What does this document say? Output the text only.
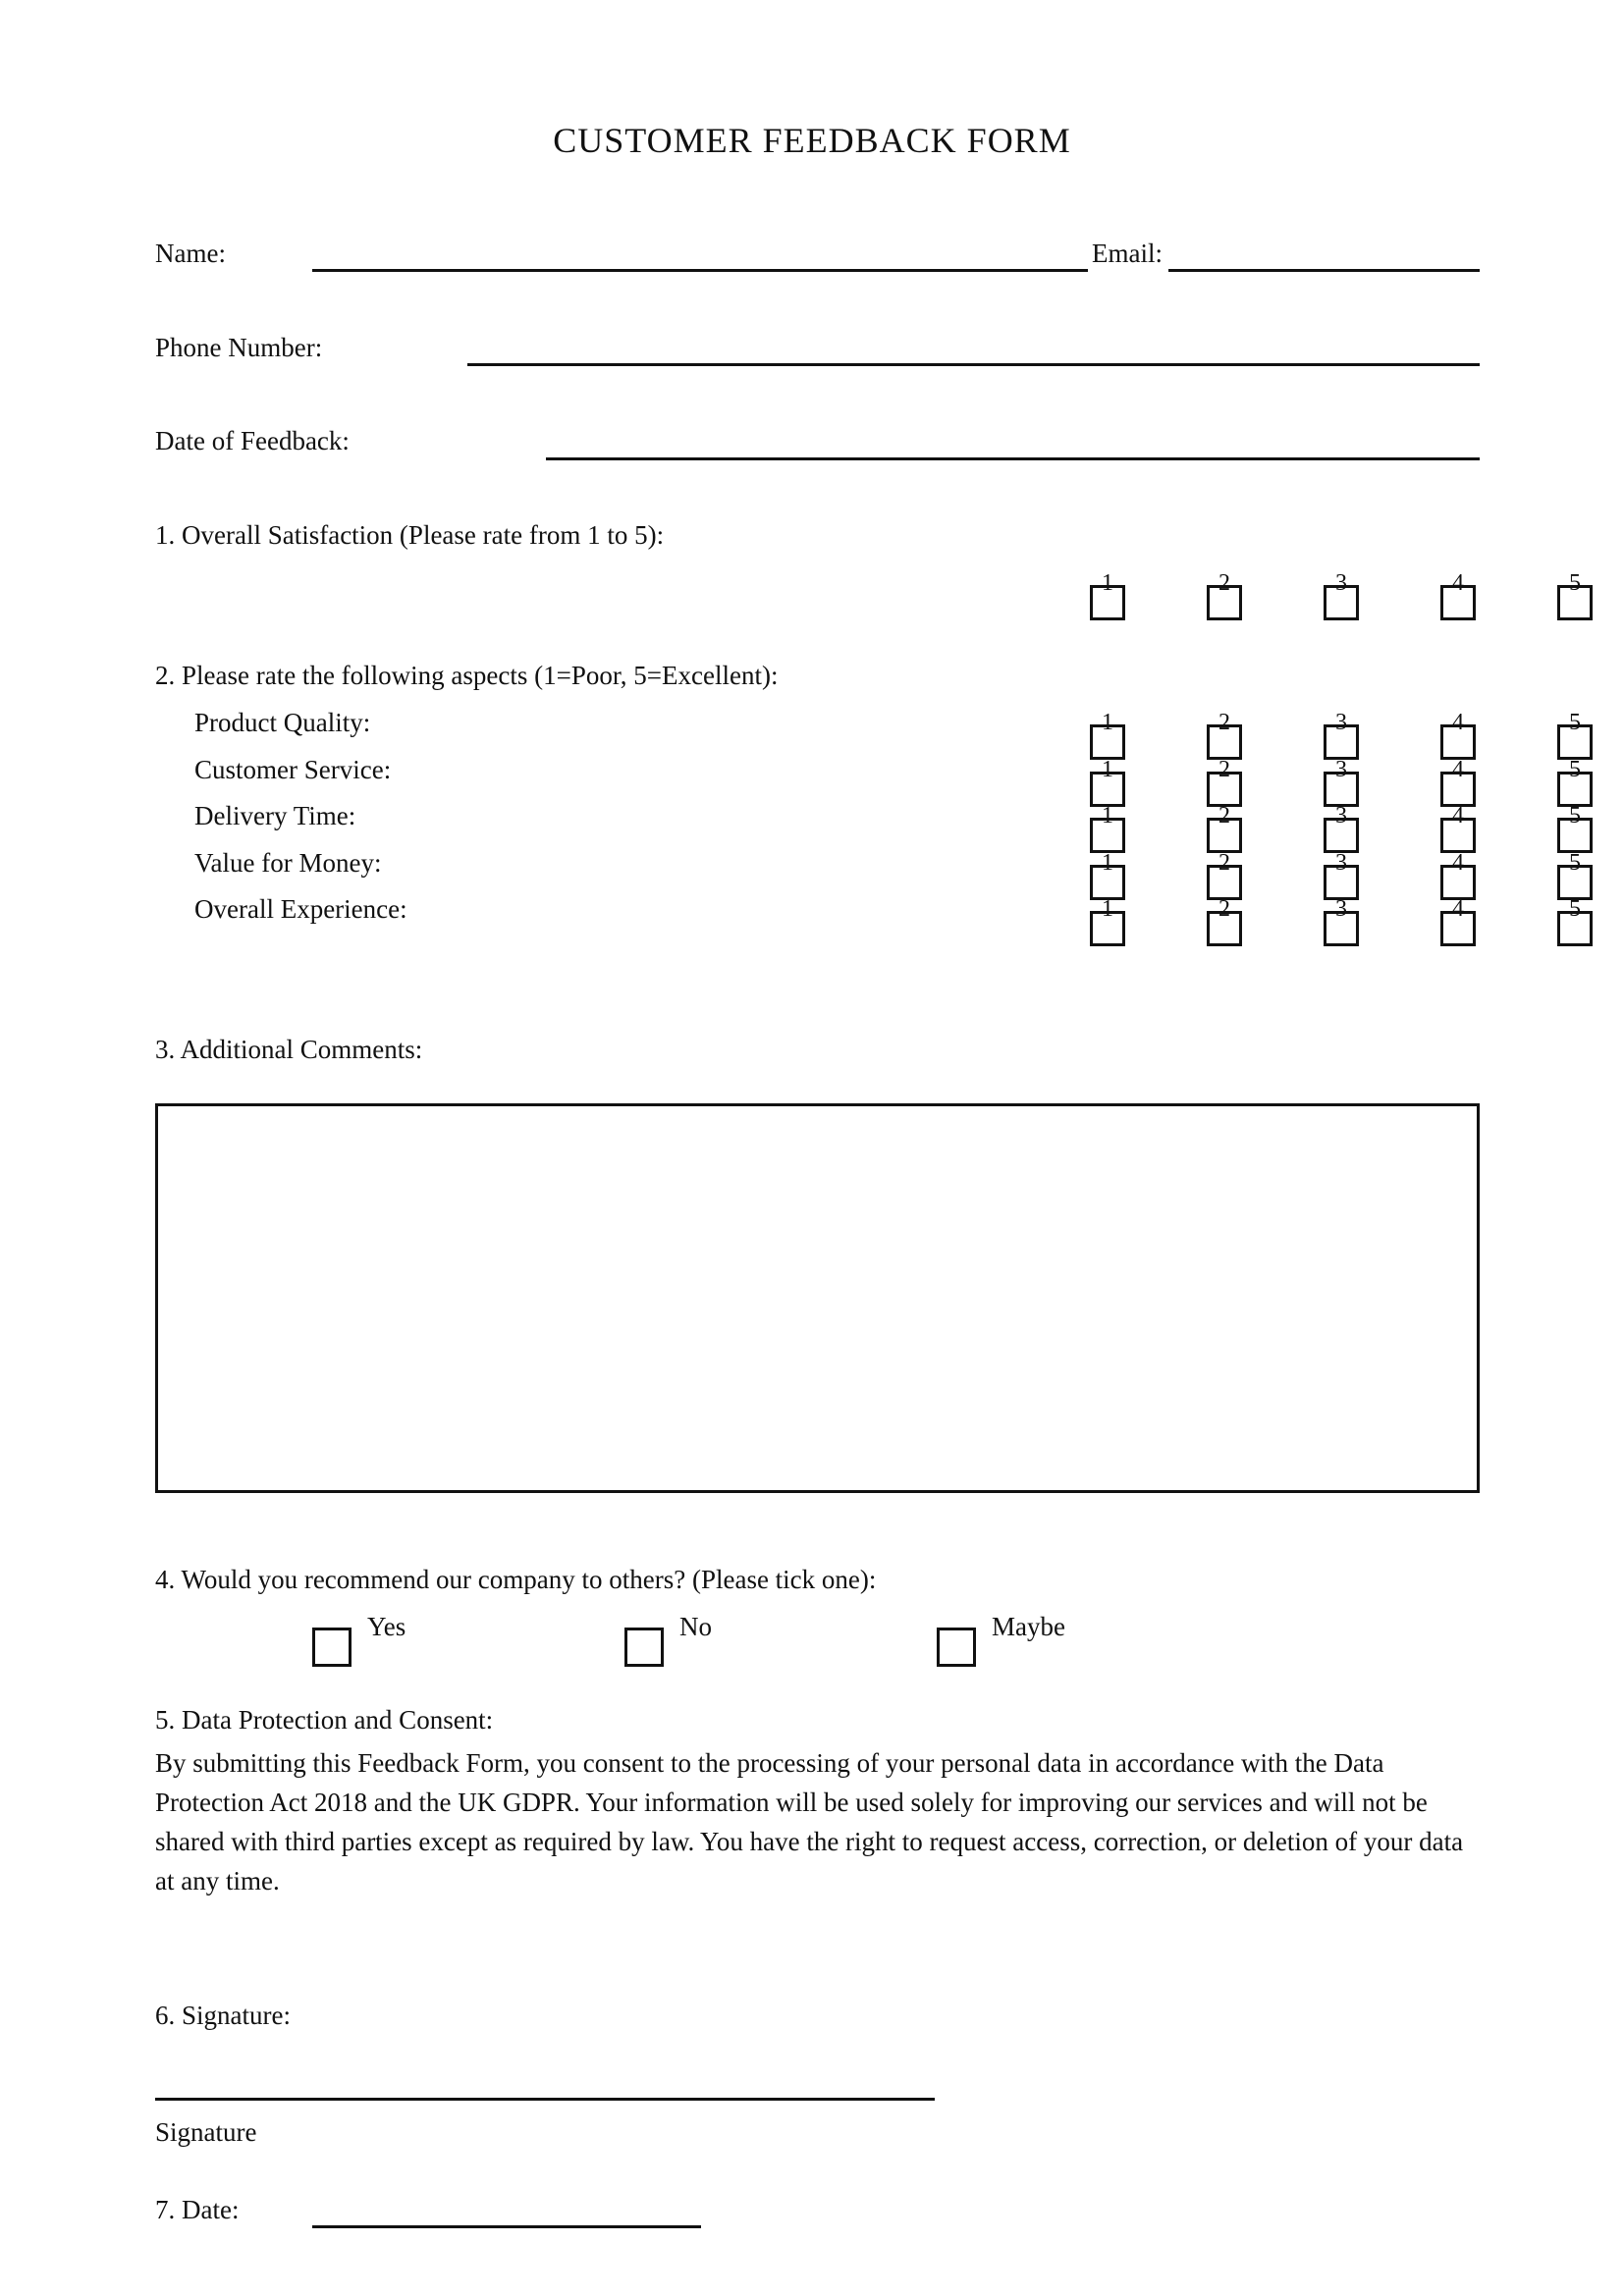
CUSTOMER FEEDBACK FORM
Name:	Email:
Phone Number:
Date of Feedback:
1. Overall Satisfaction (Please rate from 1 to 5):
1	2	3	4	5
2. Please rate the following aspects (1=Poor, 5=Excellent):
Product Quality:	1	2	3	4	5
Customer Service:	1	2	3	4	5
Delivery Time:	1	2	3	4	5
Value for Money:	1	2	3	4	5
Overall Experience:	1	2	3	4	5
3. Additional Comments:
4. Would you recommend our company to others? (Please tick one):
Yes	No	Maybe
5. Data Protection and Consent:
By submitting this Feedback Form, you consent to the processing of your personal data in accordance with the Data Protection Act 2018 and the UK GDPR. Your information will be used solely for improving our services and will not be shared with third parties except as required by law. You have the right to request access, correction, or deletion of your data at any time.
6. Signature:
Signature
7. Date:
